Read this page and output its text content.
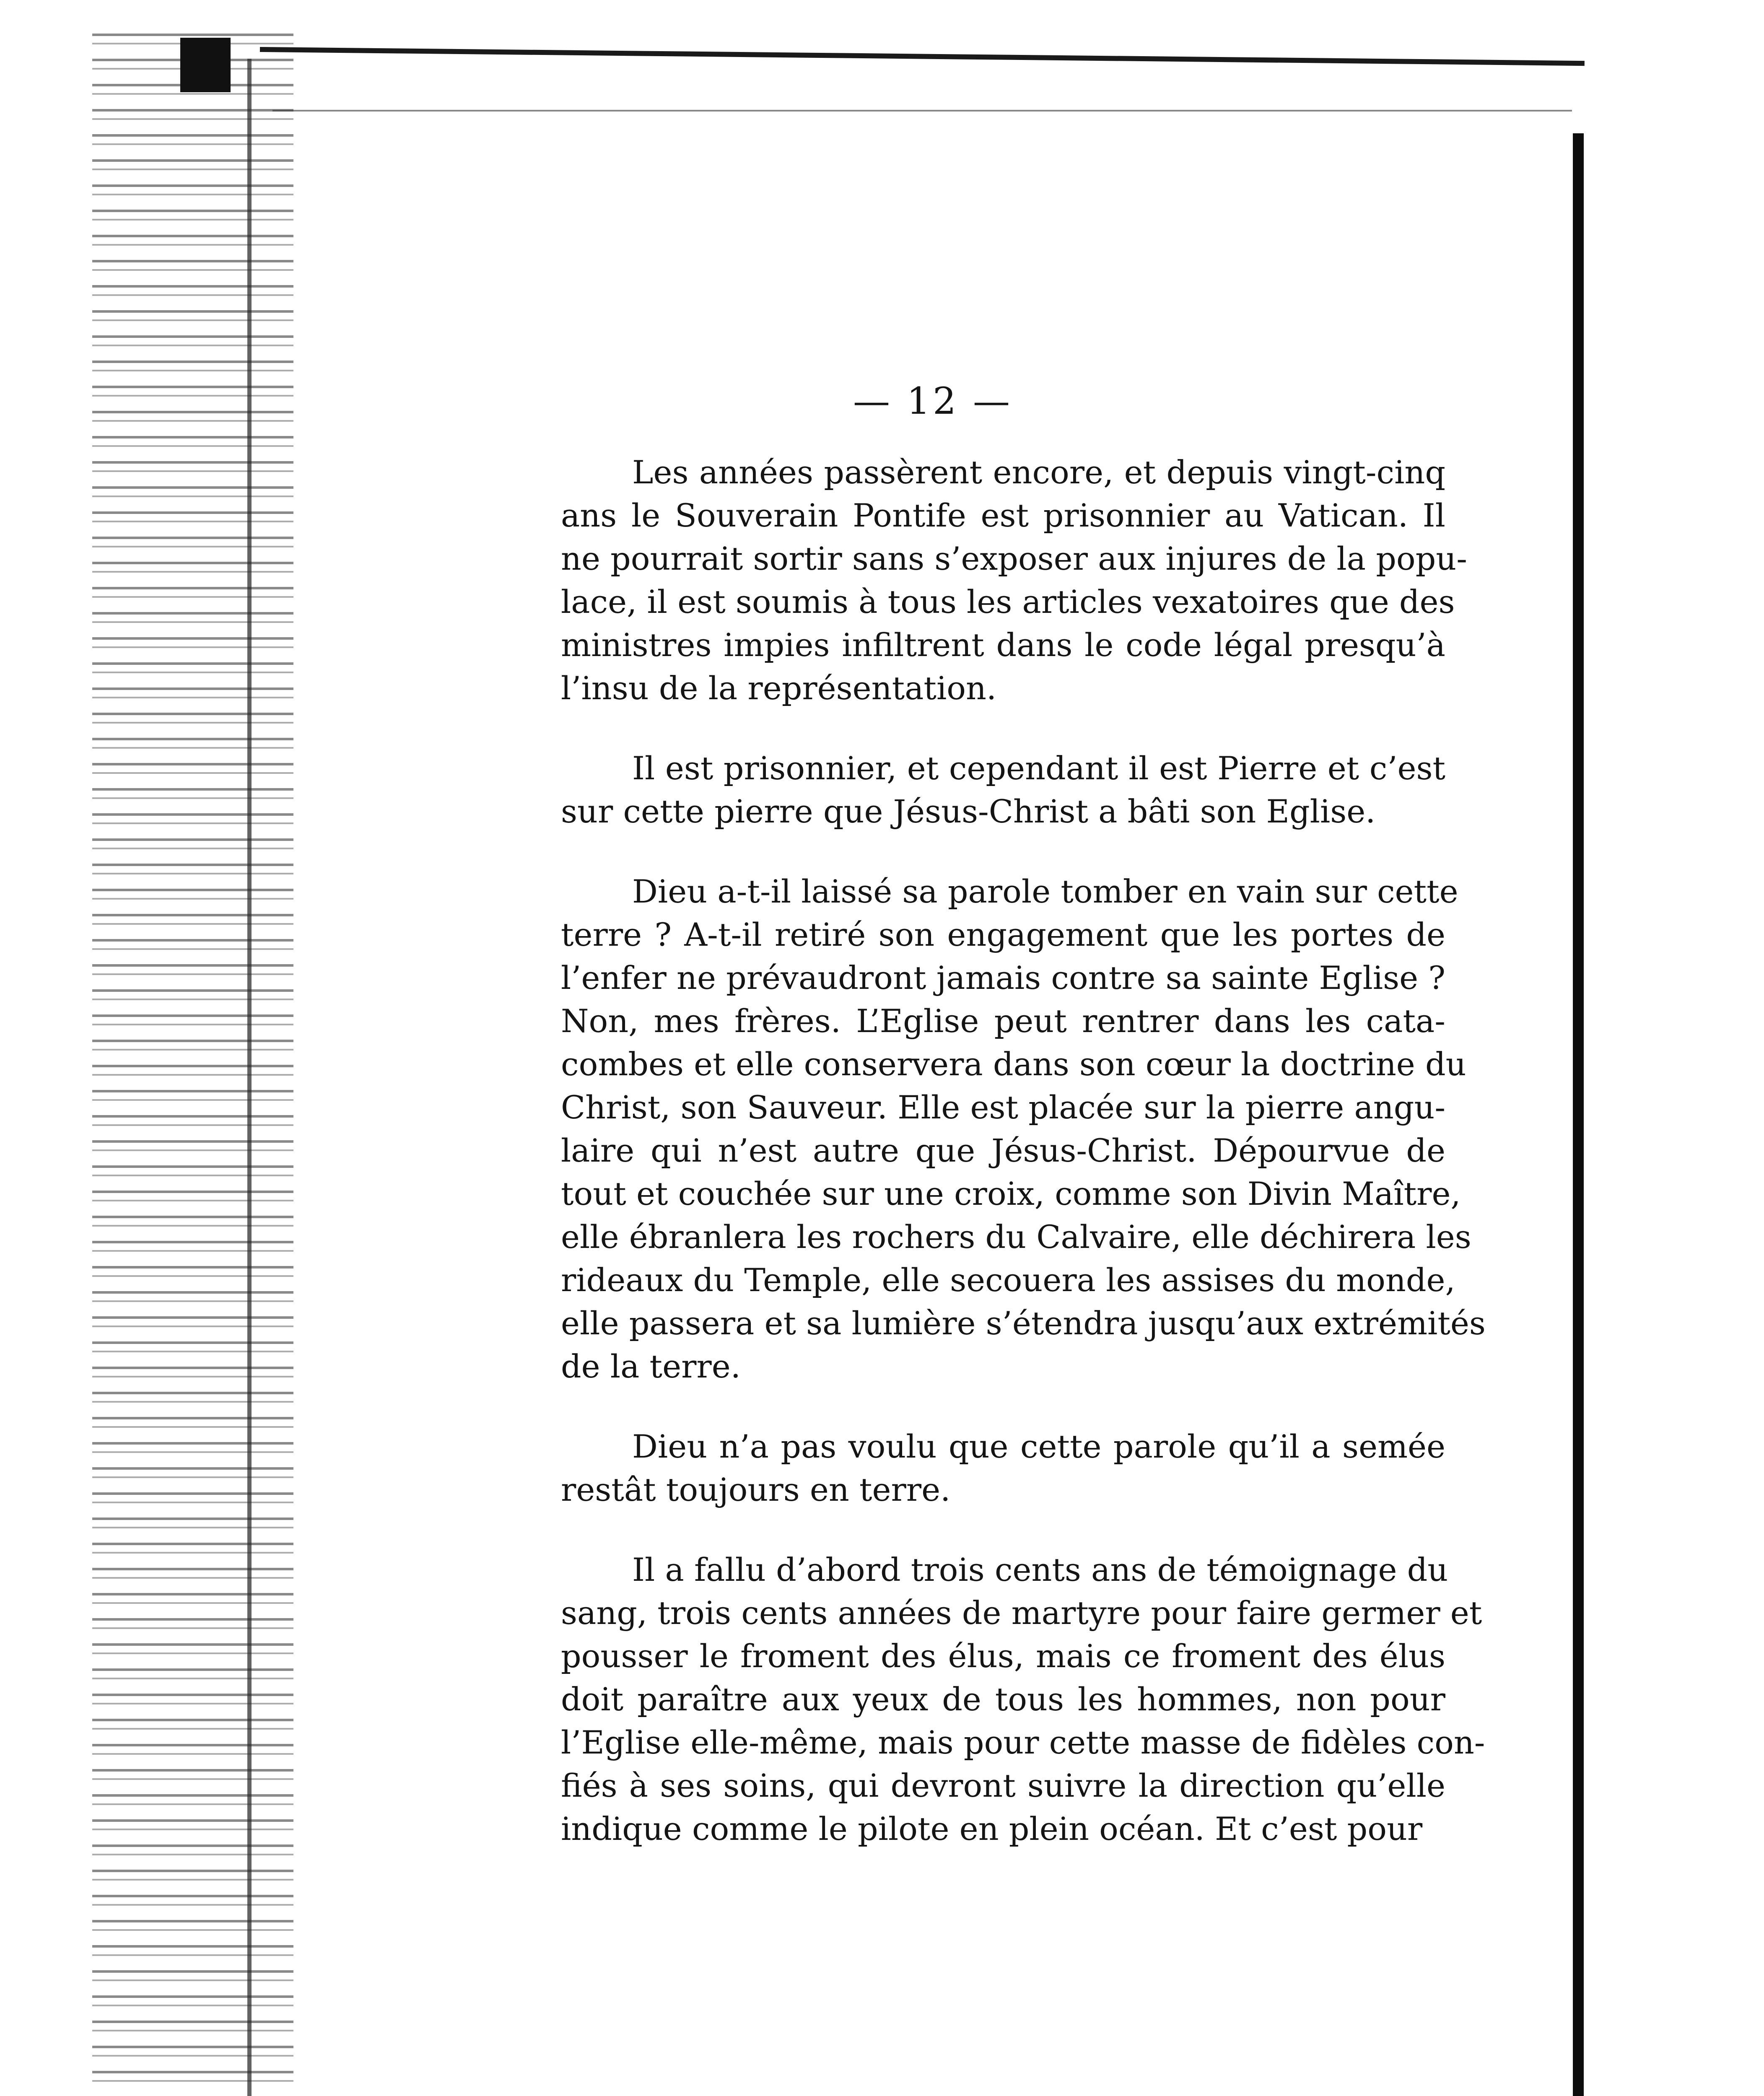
— 12 —

Les années passèrent encore, et depuis vingt-cinq
ans le Souverain Pontife est prisonnier au Vatican. Il
ne pourrait sortir sans s’exposer aux injures de la popu-
lace, il est soumis à tous les articles vexatoires que des
ministres impies infiltrent dans le code légal presqu’à
l’insu de la représentation.

Il est prisonnier, et cependant il est Pierre et c’est
sur cette pierre que Jésus-Christ a bâti son Eglise.

Dieu a-t-il laissé sa parole tomber en vain sur cette
terre ? A-t-il retiré son engagement que les portes de
l’enfer ne prévaudront jamais contre sa sainte Eglise ?
Non, mes frères. L’Eglise peut rentrer dans les cata-
combes et elle conservera dans son cœur la doctrine du
Christ, son Sauveur. Elle est placée sur la pierre angu-
laire qui n’est autre que Jésus-Christ. Dépourvue de
tout et couchée sur une croix, comme son Divin Maître,
elle ébranlera les rochers du Calvaire, elle déchirera les
rideaux du Temple, elle secouera les assises du monde,
elle passera et sa lumière s’étendra jusqu’aux extrémités
de la terre.

Dieu n’a pas voulu que cette parole qu’il a semée
restât toujours en terre.

Il a fallu d’abord trois cents ans de témoignage du
sang, trois cents années de martyre pour faire germer et
pousser le froment des élus, mais ce froment des élus
doit paraître aux yeux de tous les hommes, non pour
l’Eglise elle-même, mais pour cette masse de fidèles con-
fiés à ses soins, qui devront suivre la direction qu’elle
indique comme le pilote en plein océan. Et c’est pour
